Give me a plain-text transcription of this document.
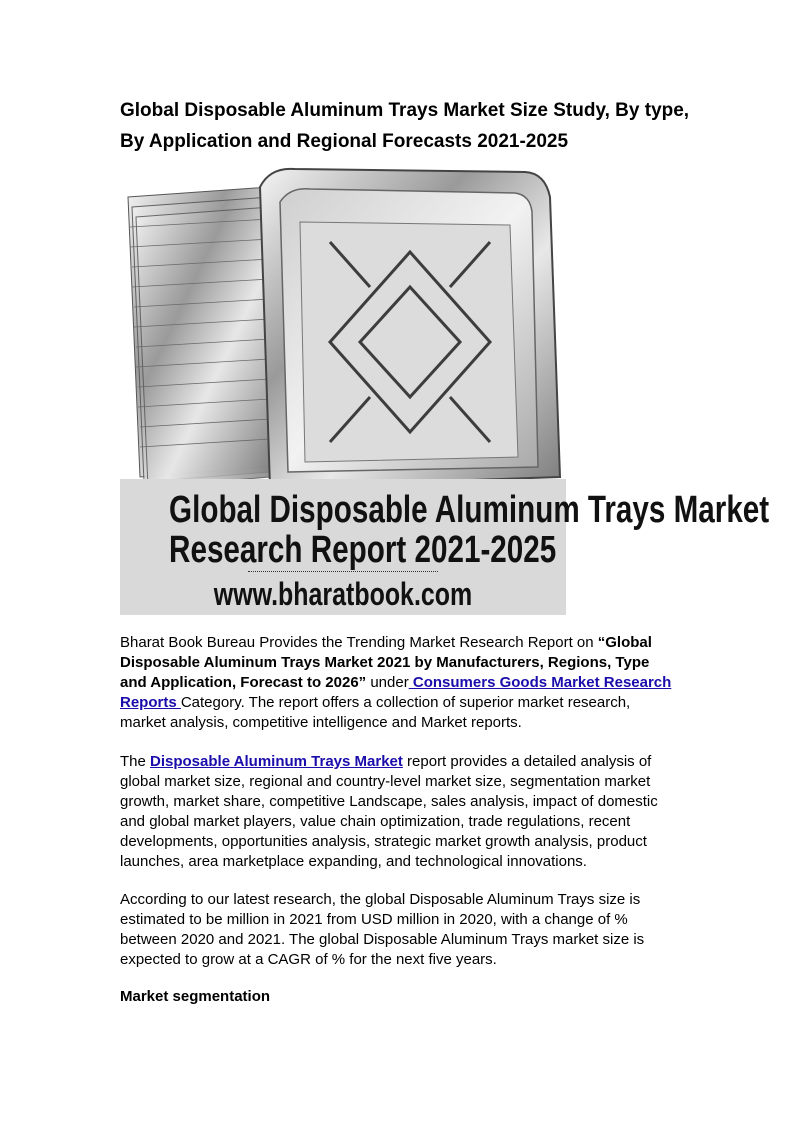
Global Disposable Aluminum Trays Market Size Study, By type, By Application and Regional Forecasts 2021-2025
Global Disposable Aluminum Trays Market
Research Report 2021-2025
www.bharatbook.com

Bharat Book Bureau Provides the Trending Market Research Report on “Global Disposable Aluminum Trays Market 2021 by Manufacturers, Regions, Type and Application, Forecast to 2026” under Consumers Goods Market Research Reports Category. The report offers a collection of superior market research, market analysis, competitive intelligence and Market reports.

The Disposable Aluminum Trays Market report provides a detailed analysis of global market size, regional and country-level market size, segmentation market growth, market share, competitive Landscape, sales analysis, impact of domestic and global market players, value chain optimization, trade regulations, recent developments, opportunities analysis, strategic market growth analysis, product launches, area marketplace expanding, and technological innovations.

According to our latest research, the global Disposable Aluminum Trays size is estimated to be million in 2021 from USD million in 2020, with a change of % between 2020 and 2021. The global Disposable Aluminum Trays market size is expected to grow at a CAGR of % for the next five years.

Market segmentation
